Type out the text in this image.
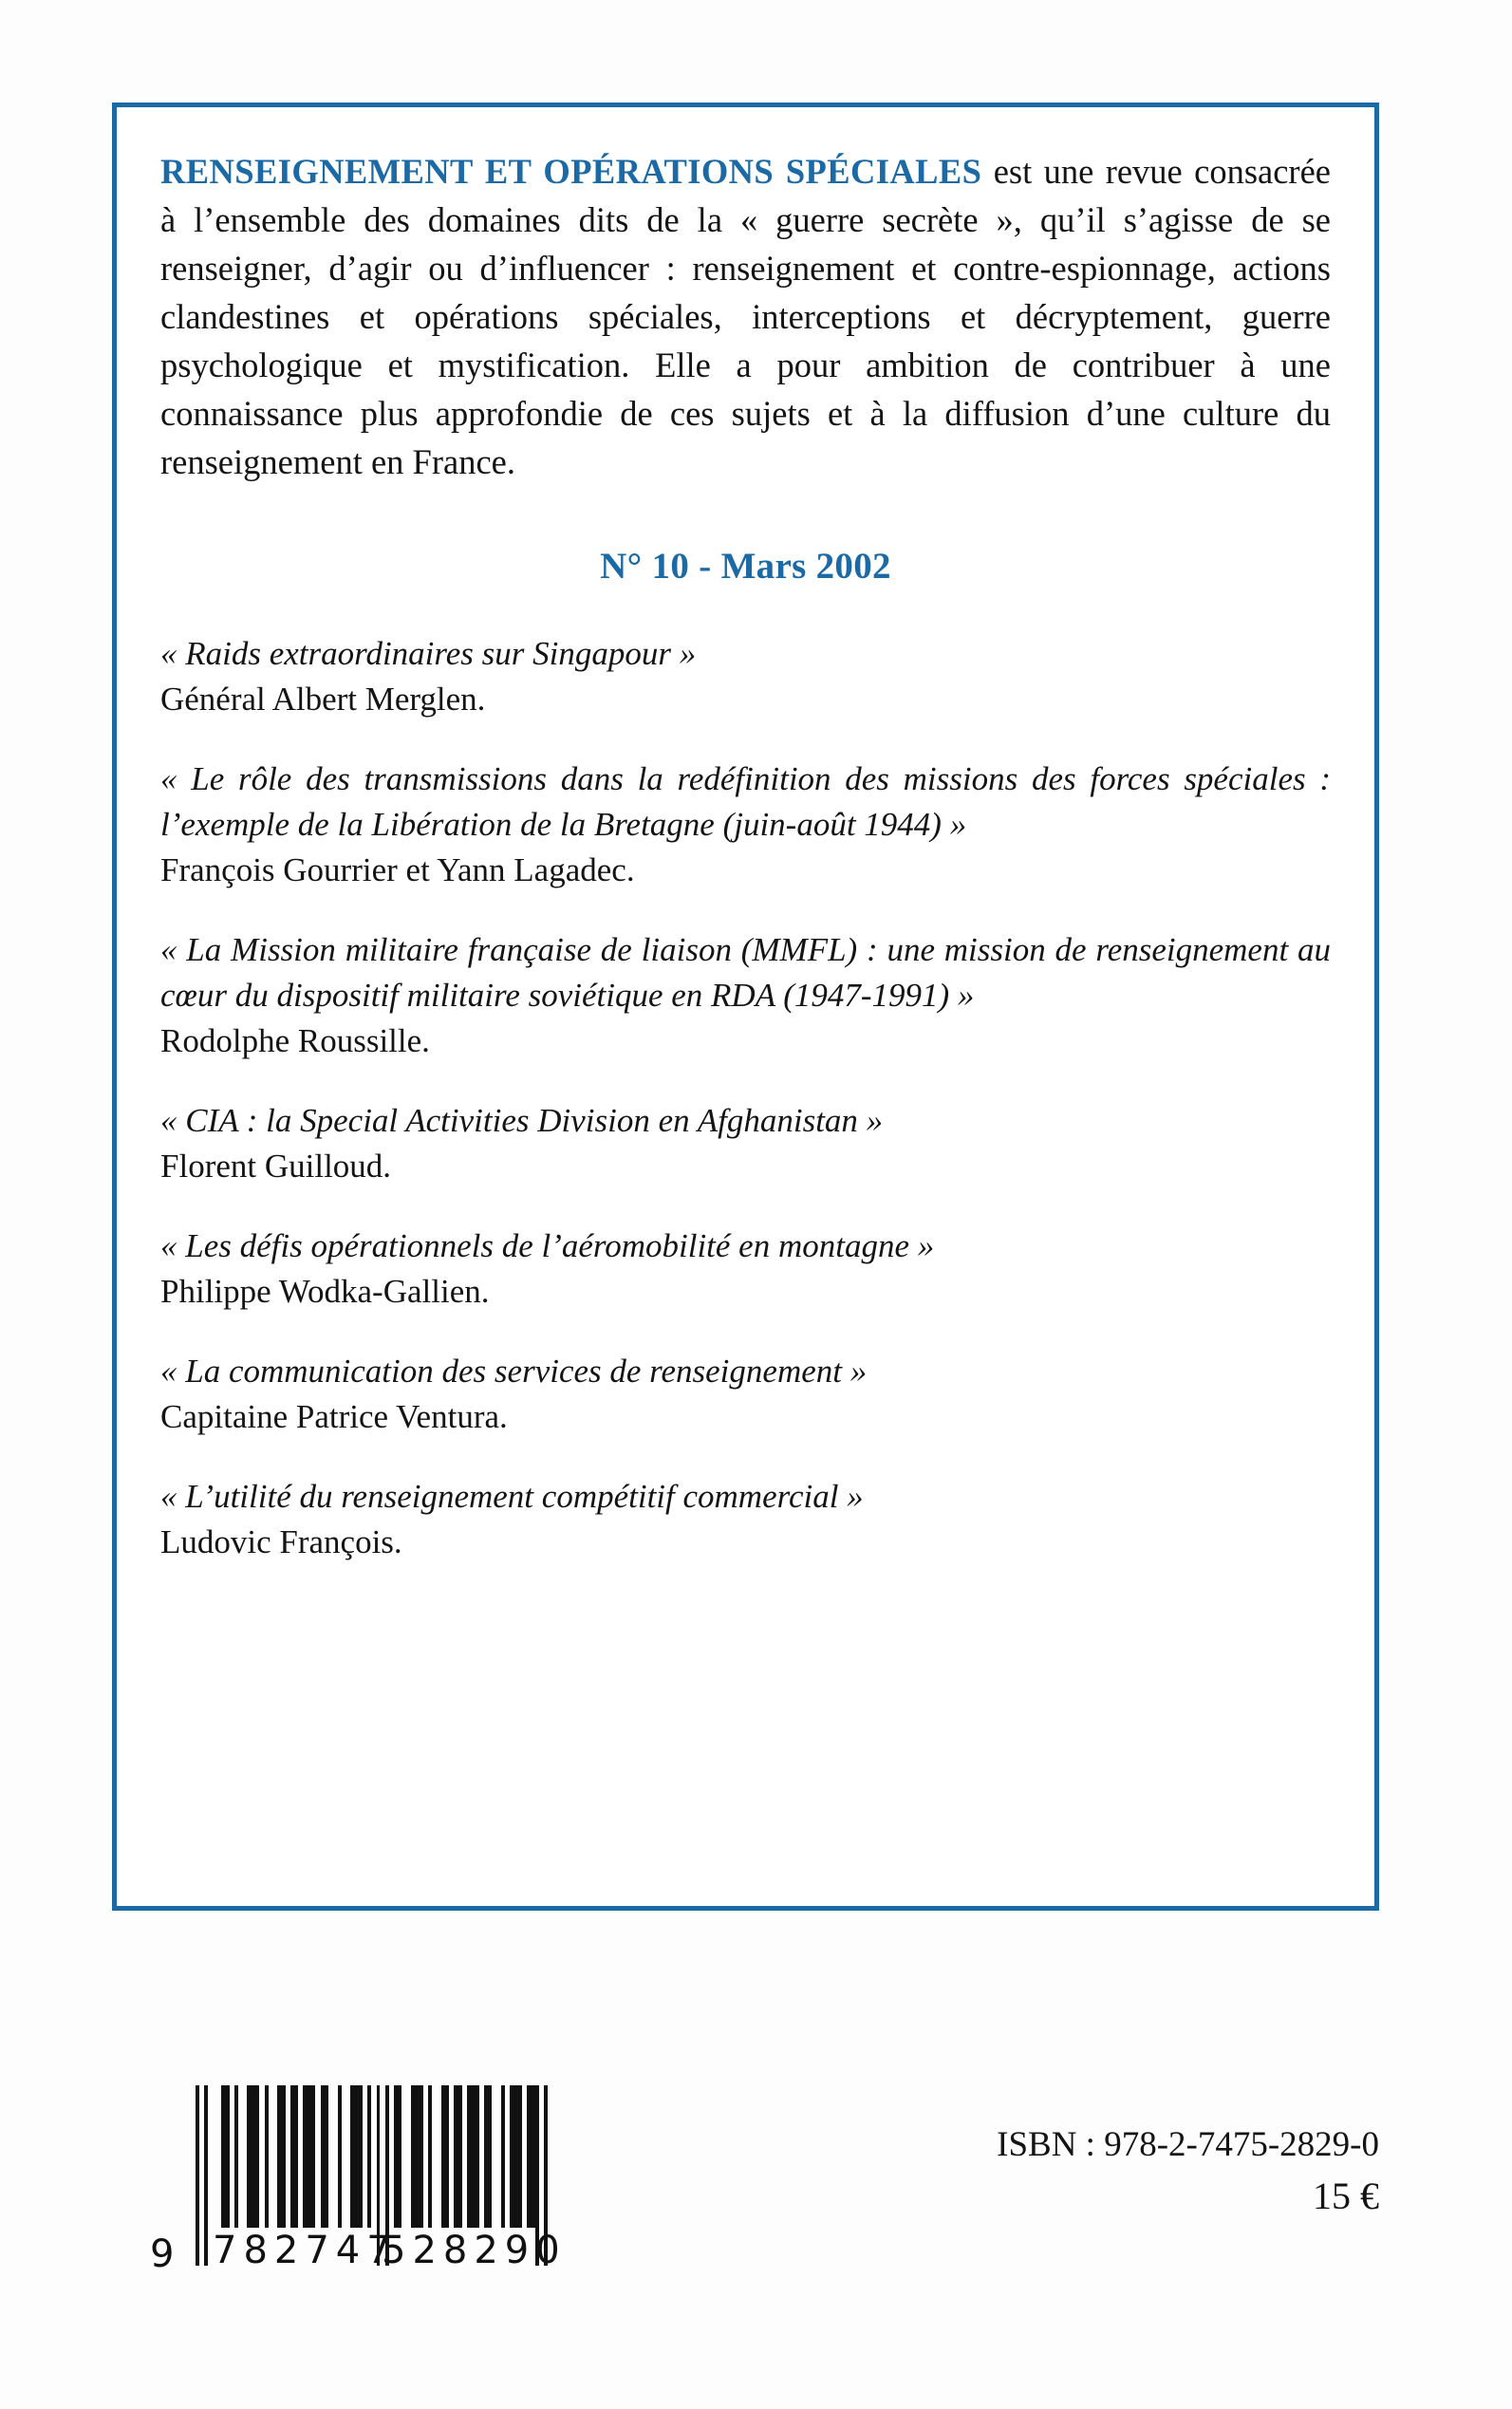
RENSEIGNEMENT ET OPÉRATIONS SPÉCIALES est une revue consacrée à l’ensemble des domaines dits de la « guerre secrète », qu’il s’agisse de se renseigner, d’agir ou d’influencer : renseignement et contre-espionnage, actions clandestines et opérations spéciales, interceptions et décryptement, guerre psychologique et mystification. Elle a pour ambition de contribuer à une connaissance plus approfondie de ces sujets et à la diffusion d’une culture du renseignement en France.

N° 10 - Mars 2002
« Raids extraordinaires sur Singapour »
Général Albert Merglen.
« Le rôle des transmissions dans la redéfinition des missions des forces spéciales : l’exemple de la Libération de la Bretagne (juin-août 1944) »
François Gourrier et Yann Lagadec.
« La Mission militaire française de liaison (MMFL) : une mission de renseignement au cœur du dispositif militaire soviétique en RDA (1947-1991) »
Rodolphe Roussille.
« CIA : la Special Activities Division en Afghanistan »
Florent Guilloud.
« Les défis opérationnels de l’aéromobilité en montagne »
Philippe Wodka-Gallien.
« La communication des services de renseignement »
Capitaine Patrice Ventura.
« L’utilité du renseignement compétitif commercial »
Ludovic François.
9 782747
528290
ISBN : 978-2-7475-2829-0
15 €
